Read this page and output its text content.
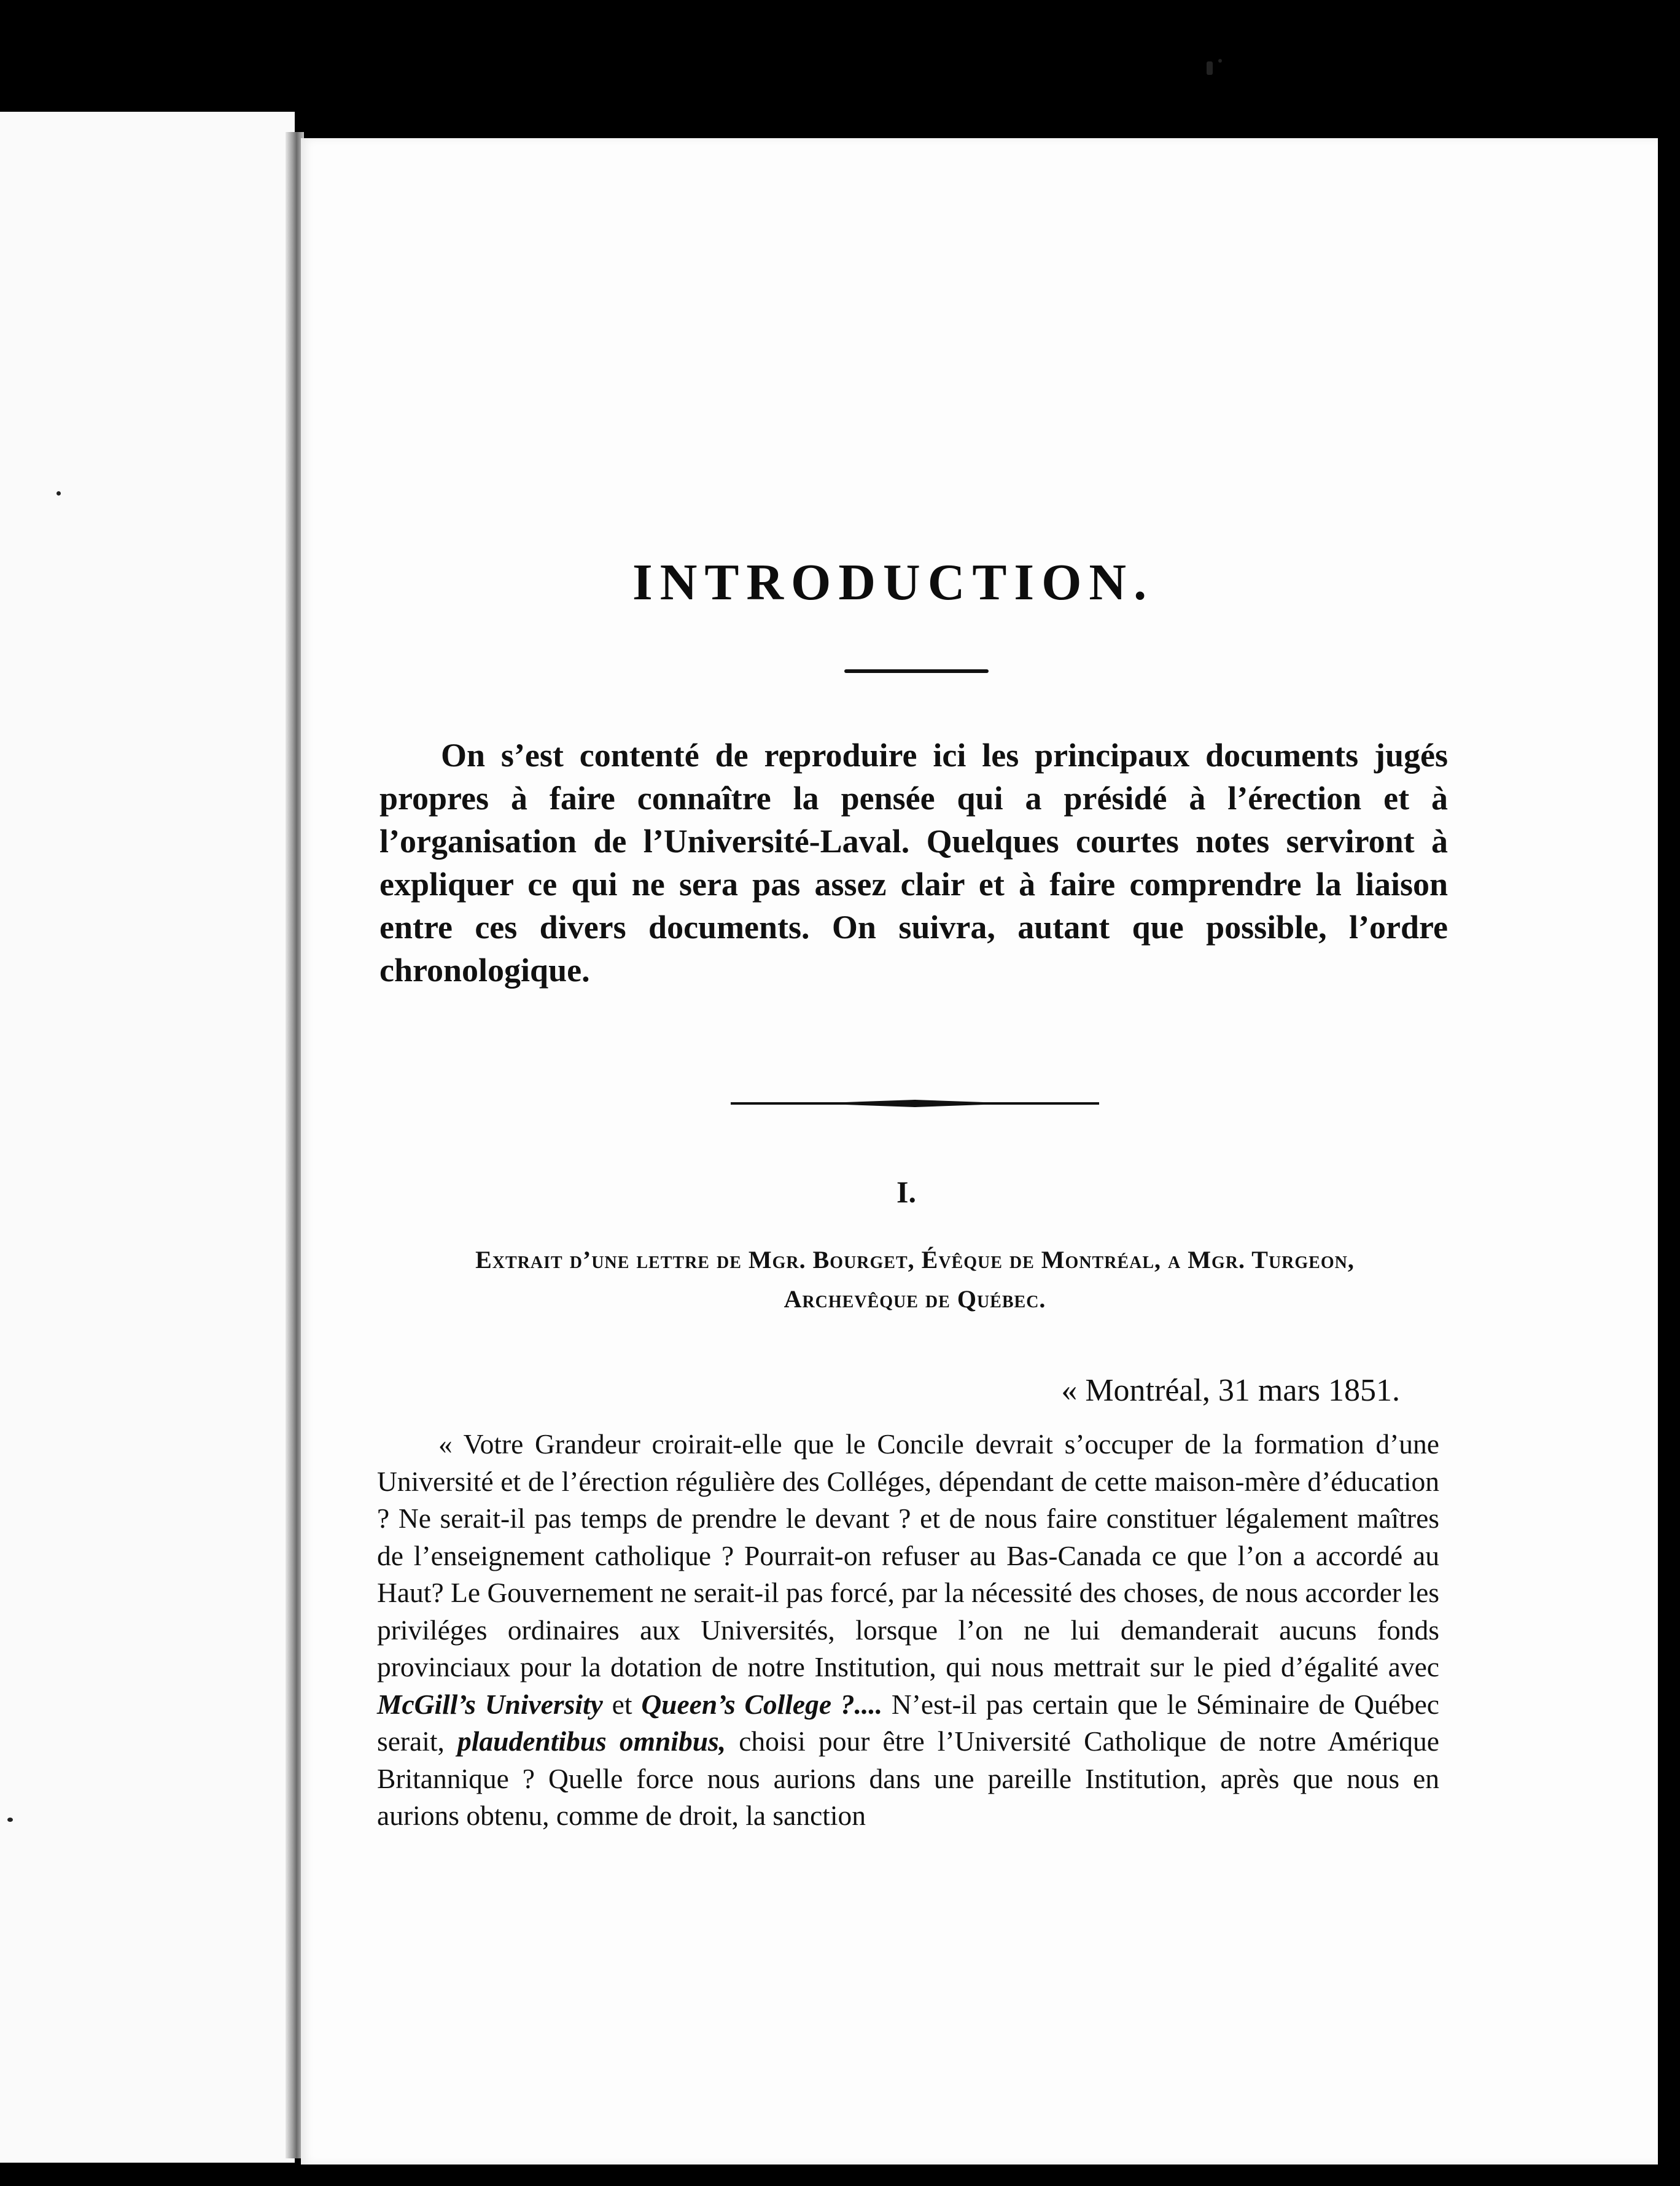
INTRODUCTION.

On s’est contenté de reproduire ici les principaux documents jugés propres à faire connaître la pensée qui a présidé à l’érection et à l’organisation de l’Université-Laval. Quelques courtes notes serviront à expliquer ce qui ne sera pas assez clair et à faire comprendre la liaison entre ces divers documents. On suivra, autant que possible, l’ordre chronologique.

I.

Extrait d’une lettre de Mgr. Bourget, Évêque de Montréal, a Mgr. Turgeon,
Archevêque de Québec.

« Montréal, 31 mars 1851.

« Votre Grandeur croirait-elle que le Concile devrait s’occuper de la formation d’une Université et de l’érection régulière des Colléges, dépendant de cette maison-mère d’éducation ? Ne serait-il pas temps de prendre le devant ? et de nous faire constituer légalement maîtres de l’enseignement catholique ? Pourrait-on refuser au Bas-Canada ce que l’on a accordé au Haut? Le Gouvernement ne serait-il pas forcé, par la nécessité des choses, de nous accorder les priviléges ordinaires aux Universités, lorsque l’on ne lui demanderait aucuns fonds provinciaux pour la dotation de notre Institution, qui nous mettrait sur le pied d’égalité avec McGill’s University et Queen’s College ?.... N’est-il pas certain que le Séminaire de Québec serait, plaudentibus omnibus, choisi pour être l’Université Catholique de notre Amérique Britannique ? Quelle force nous aurions dans une pareille Institution, après que nous en aurions obtenu, comme de droit, la sanction
